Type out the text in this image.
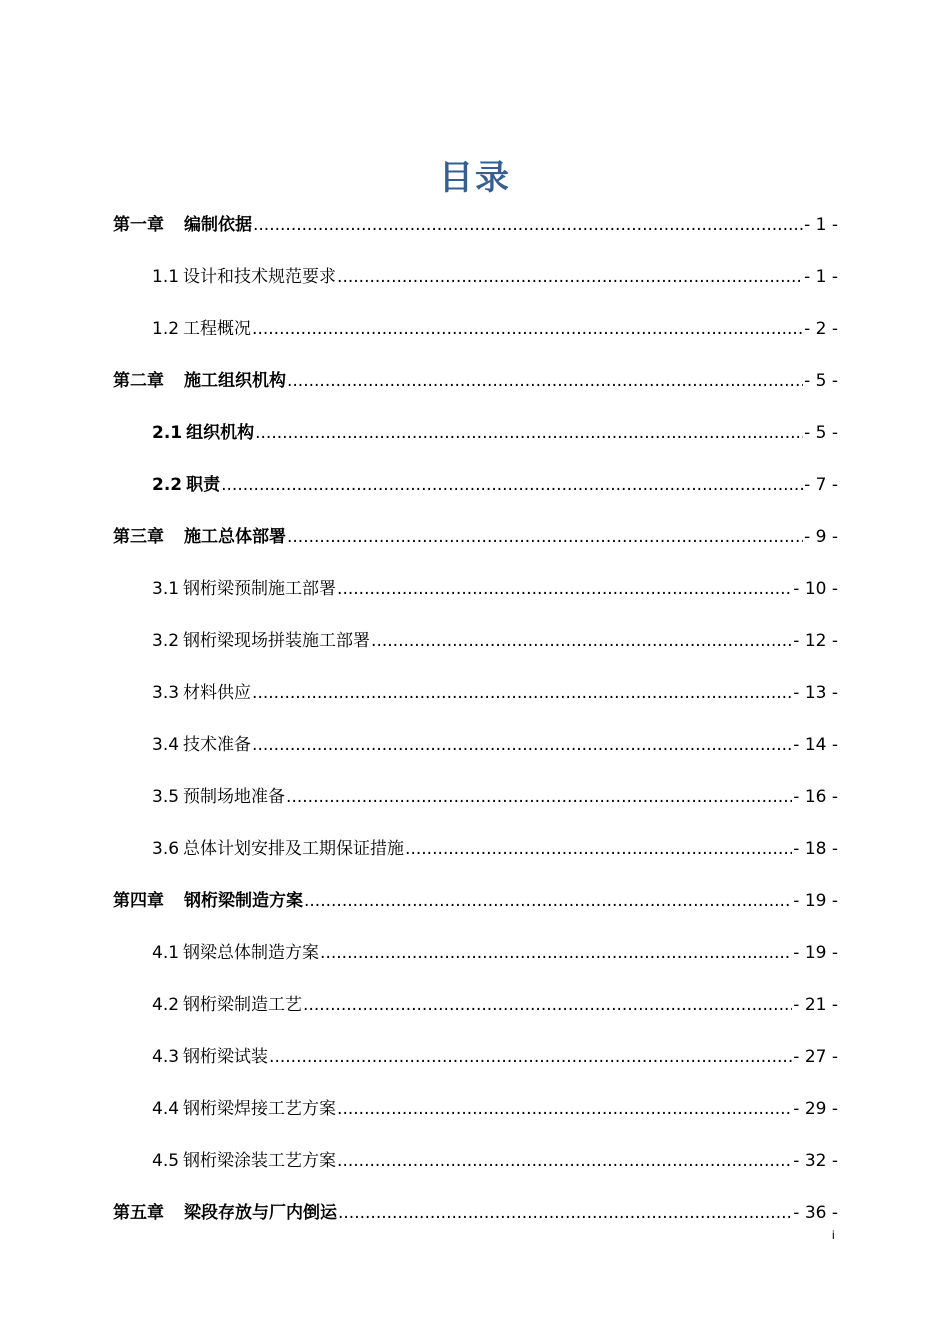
目录
第一章 编制依据 .....	- 1 -
1.1 设计和技术规范要求 .....	- 1 -
1.2 工程概况 .....	- 2 -
第二章 施工组织机构 .....	- 5 -
2.1 组织机构 .....	- 5 -
2.2 职责 .....	- 7 -
第三章 施工总体部署 .....	- 9 -
3.1 钢桁梁预制施工部署 .....	- 10 -
3.2 钢桁梁现场拼装施工部署 .....	- 12 -
3.3 材料供应 .....	- 13 -
3.4 技术准备 .....	- 14 -
3.5 预制场地准备 .....	- 16 -
3.6 总体计划安排及工期保证措施 .....	- 18 -
第四章 钢桁梁制造方案 .....	- 19 -
4.1 钢梁总体制造方案 .....	- 19 -
4.2 钢桁梁制造工艺 .....	- 21 -
4.3 钢桁梁试装 .....	- 27 -
4.4 钢桁梁焊接工艺方案 .....	- 29 -
4.5 钢桁梁涂装工艺方案 .....	- 32 -
第五章 梁段存放与厂内倒运 .....	- 36 -
i
